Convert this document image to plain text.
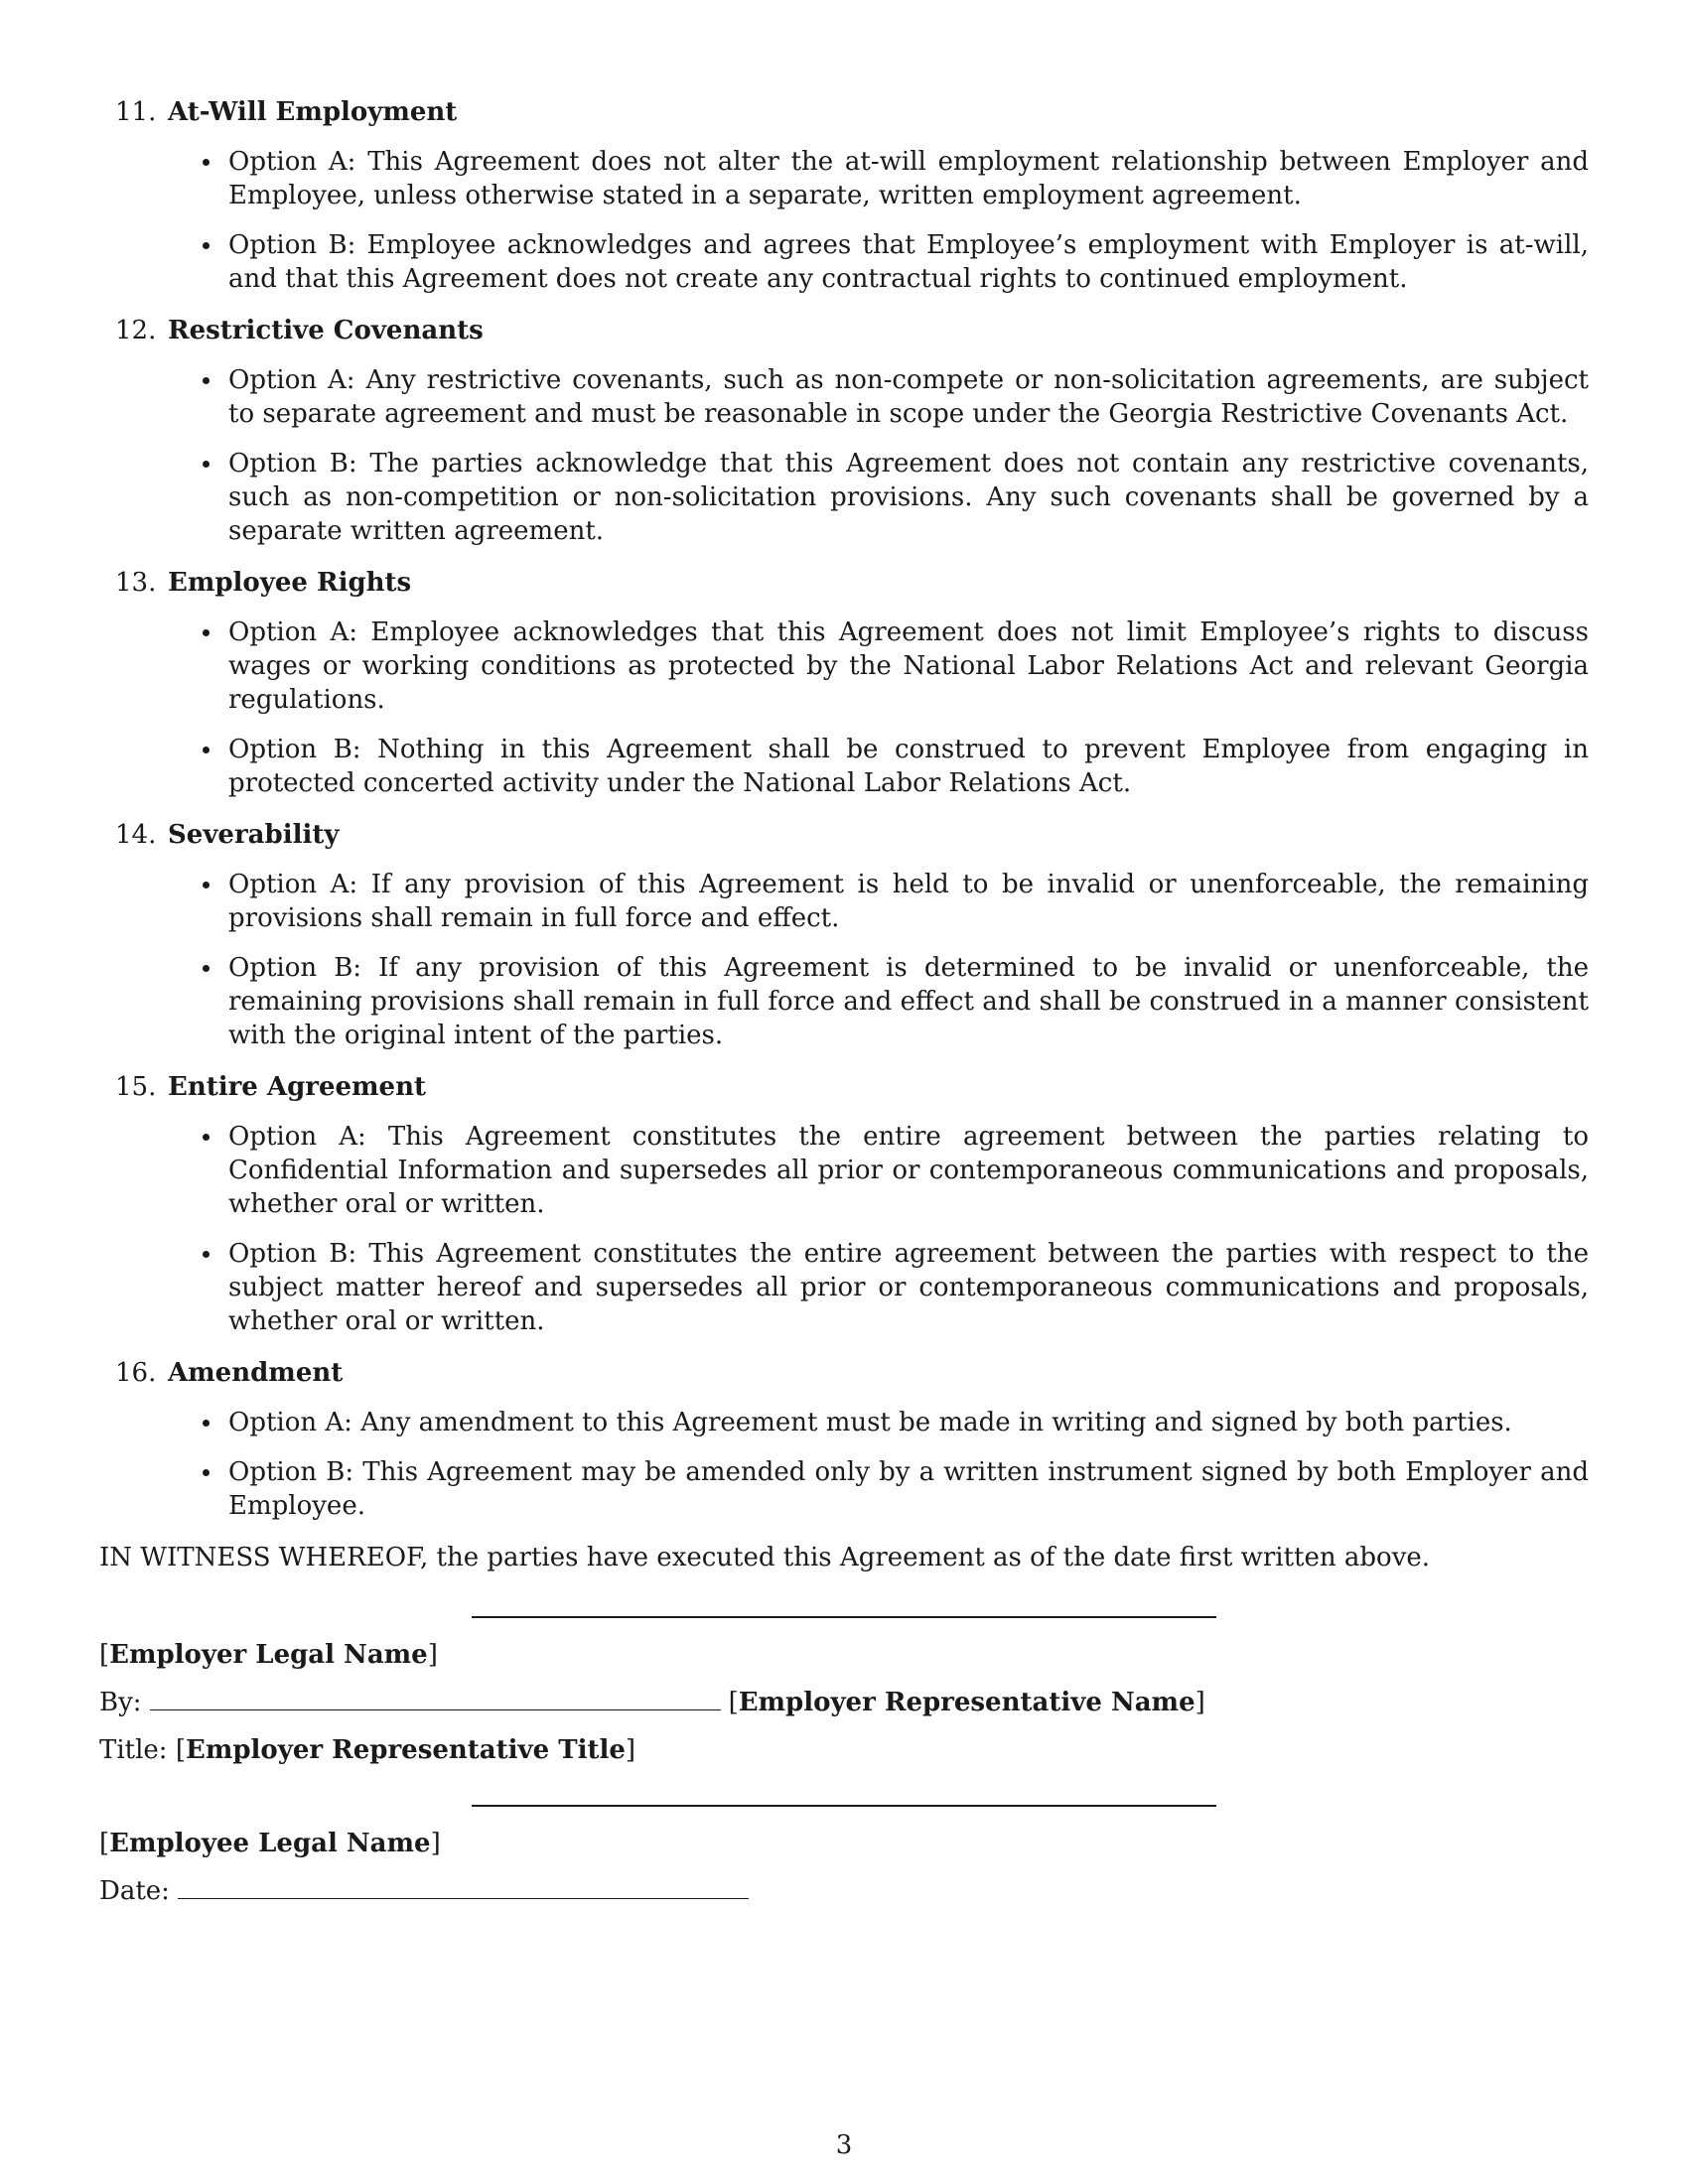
11. At-Will Employment
Option A: This Agreement does not alter the at-will employment relationship between Employer and Employee, unless otherwise stated in a separate, written employment agreement.
Option B: Employee acknowledges and agrees that Employee’s employment with Employer is at-will, and that this Agreement does not create any contractual rights to continued employment.
12. Restrictive Covenants
Option A: Any restrictive covenants, such as non-compete or non-solicitation agreements, are subject to separate agreement and must be reasonable in scope under the Georgia Restrictive Covenants Act.
Option B: The parties acknowledge that this Agreement does not contain any restrictive covenants, such as non-competition or non-solicitation provisions. Any such covenants shall be governed by a separate written agreement.
13. Employee Rights
Option A: Employee acknowledges that this Agreement does not limit Employee’s rights to discuss wages or working conditions as protected by the National Labor Relations Act and relevant Georgia regulations.
Option B: Nothing in this Agreement shall be construed to prevent Employee from engaging in protected concerted activity under the National Labor Relations Act.
14. Severability
Option A: If any provision of this Agreement is held to be invalid or unenforceable, the remaining provisions shall remain in full force and effect.
Option B: If any provision of this Agreement is determined to be invalid or unenforceable, the remaining provisions shall remain in full force and effect and shall be construed in a manner consistent with the original intent of the parties.
15. Entire Agreement
Option A: This Agreement constitutes the entire agreement between the parties relating to Confidential Information and supersedes all prior or contemporaneous communications and proposals, whether oral or written.
Option B: This Agreement constitutes the entire agreement between the parties with respect to the subject matter hereof and supersedes all prior or contemporaneous communications and proposals, whether oral or written.
16. Amendment
Option A: Any amendment to this Agreement must be made in writing and signed by both parties.
Option B: This Agreement may be amended only by a written instrument signed by both Employer and Employee.

IN WITNESS WHEREOF, the parties have executed this Agreement as of the date first written above.

[Employer Legal Name]
By:	[Employer Representative Name]
Title: [Employer Representative Title]
[Employee Legal Name]
Date:
3
